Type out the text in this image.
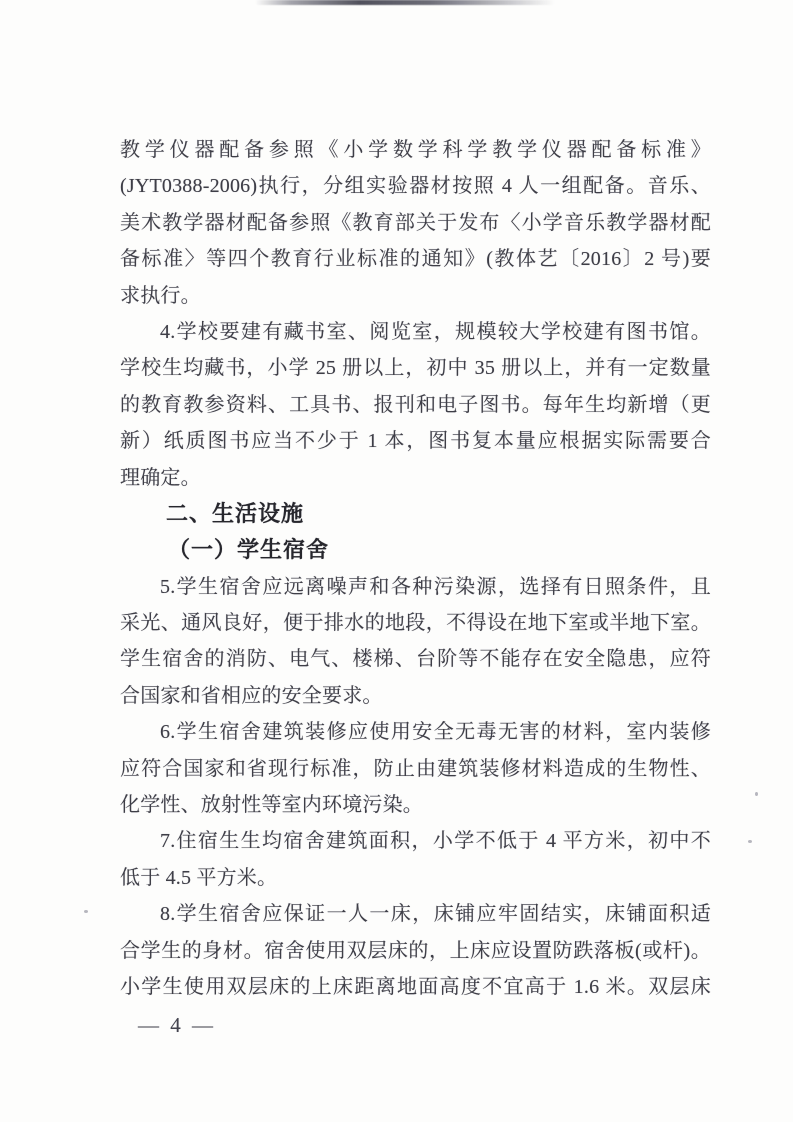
教学仪器配备参照《小学数学科学教学仪器配备标准》
(JYT0388-2006)执行，分组实验器材按照 4 人一组配备。音乐、
美术教学器材配备参照《教育部关于发布〈小学音乐教学器材配
备标准〉等四个教育行业标准的通知》(教体艺〔2016〕2 号)要
求执行。
4.学校要建有藏书室、阅览室，规模较大学校建有图书馆。
学校生均藏书，小学 25 册以上，初中 35 册以上，并有一定数量
的教育教参资料、工具书、报刊和电子图书。每年生均新增（更
新）纸质图书应当不少于 1 本，图书复本量应根据实际需要合
理确定。
二、生活设施
（一）学生宿舍
5.学生宿舍应远离噪声和各种污染源，选择有日照条件，且
采光、通风良好，便于排水的地段，不得设在地下室或半地下室。
学生宿舍的消防、电气、楼梯、台阶等不能存在安全隐患，应符
合国家和省相应的安全要求。
6.学生宿舍建筑装修应使用安全无毒无害的材料，室内装修
应符合国家和省现行标准，防止由建筑装修材料造成的生物性、
化学性、放射性等室内环境污染。
7.住宿生生均宿舍建筑面积，小学不低于 4 平方米，初中不
低于 4.5 平方米。
8.学生宿舍应保证一人一床，床铺应牢固结实，床铺面积适
合学生的身材。宿舍使用双层床的，上床应设置防跌落板(或杆)。
小学生使用双层床的上床距离地面高度不宜高于 1.6 米。双层床
— 4 —
